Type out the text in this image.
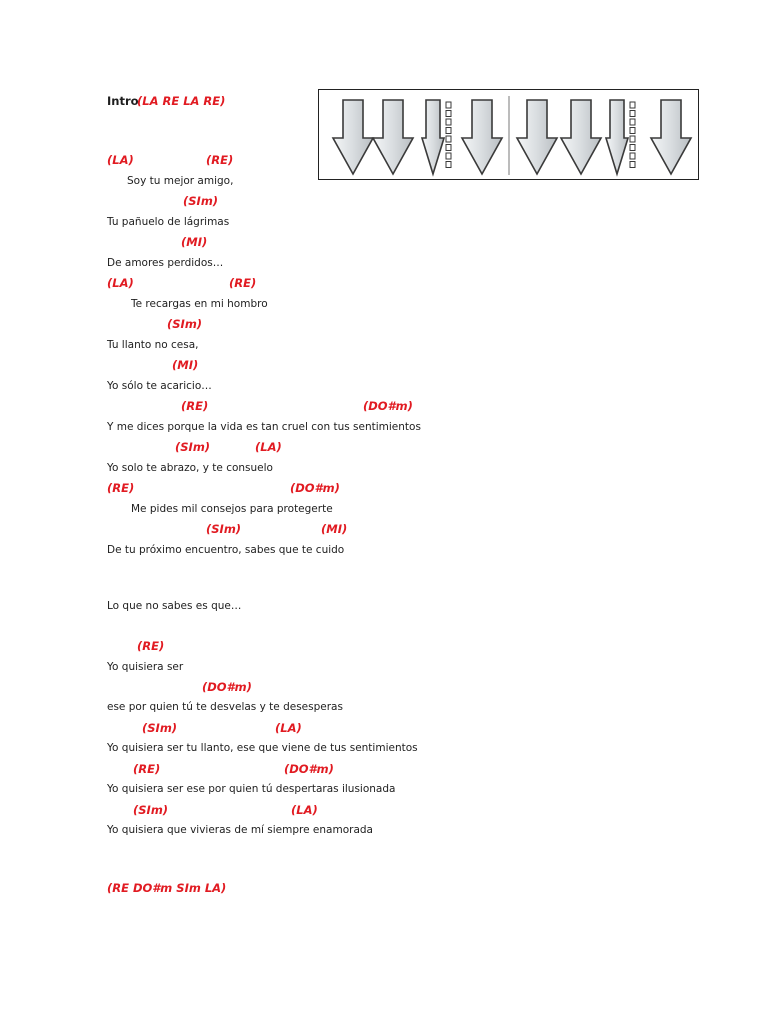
Intro
(LA RE LA RE)
(LA)	(RE)
Soy tu mejor amigo,
(SIm)
Tu pañuelo de lágrimas
(MI)
De amores perdidos…
(LA)	(RE)
Te recargas en mi hombro
(SIm)
Tu llanto no cesa,
(MI)
Yo sólo te acaricio…
(RE)	(DO#m)
Y me dices porque la vida es tan cruel con tus sentimientos
(SIm)	(LA)
Yo solo te abrazo, y te consuelo
(RE)	(DO#m)
Me pides mil consejos para protegerte
(SIm)	(MI)
De tu próximo encuentro, sabes que te cuido
Lo que no sabes es que…
(RE)
Yo quisiera ser
(DO#m)
ese por quien tú te desvelas y te desesperas
(SIm)	(LA)
Yo quisiera ser tu llanto, ese que viene de tus sentimientos
(RE)	(DO#m)
Yo quisiera ser ese por quien tú despertaras ilusionada
(SIm)	(LA)
Yo quisiera que vivieras de mí siempre enamorada
(RE DO#m SIm LA)
